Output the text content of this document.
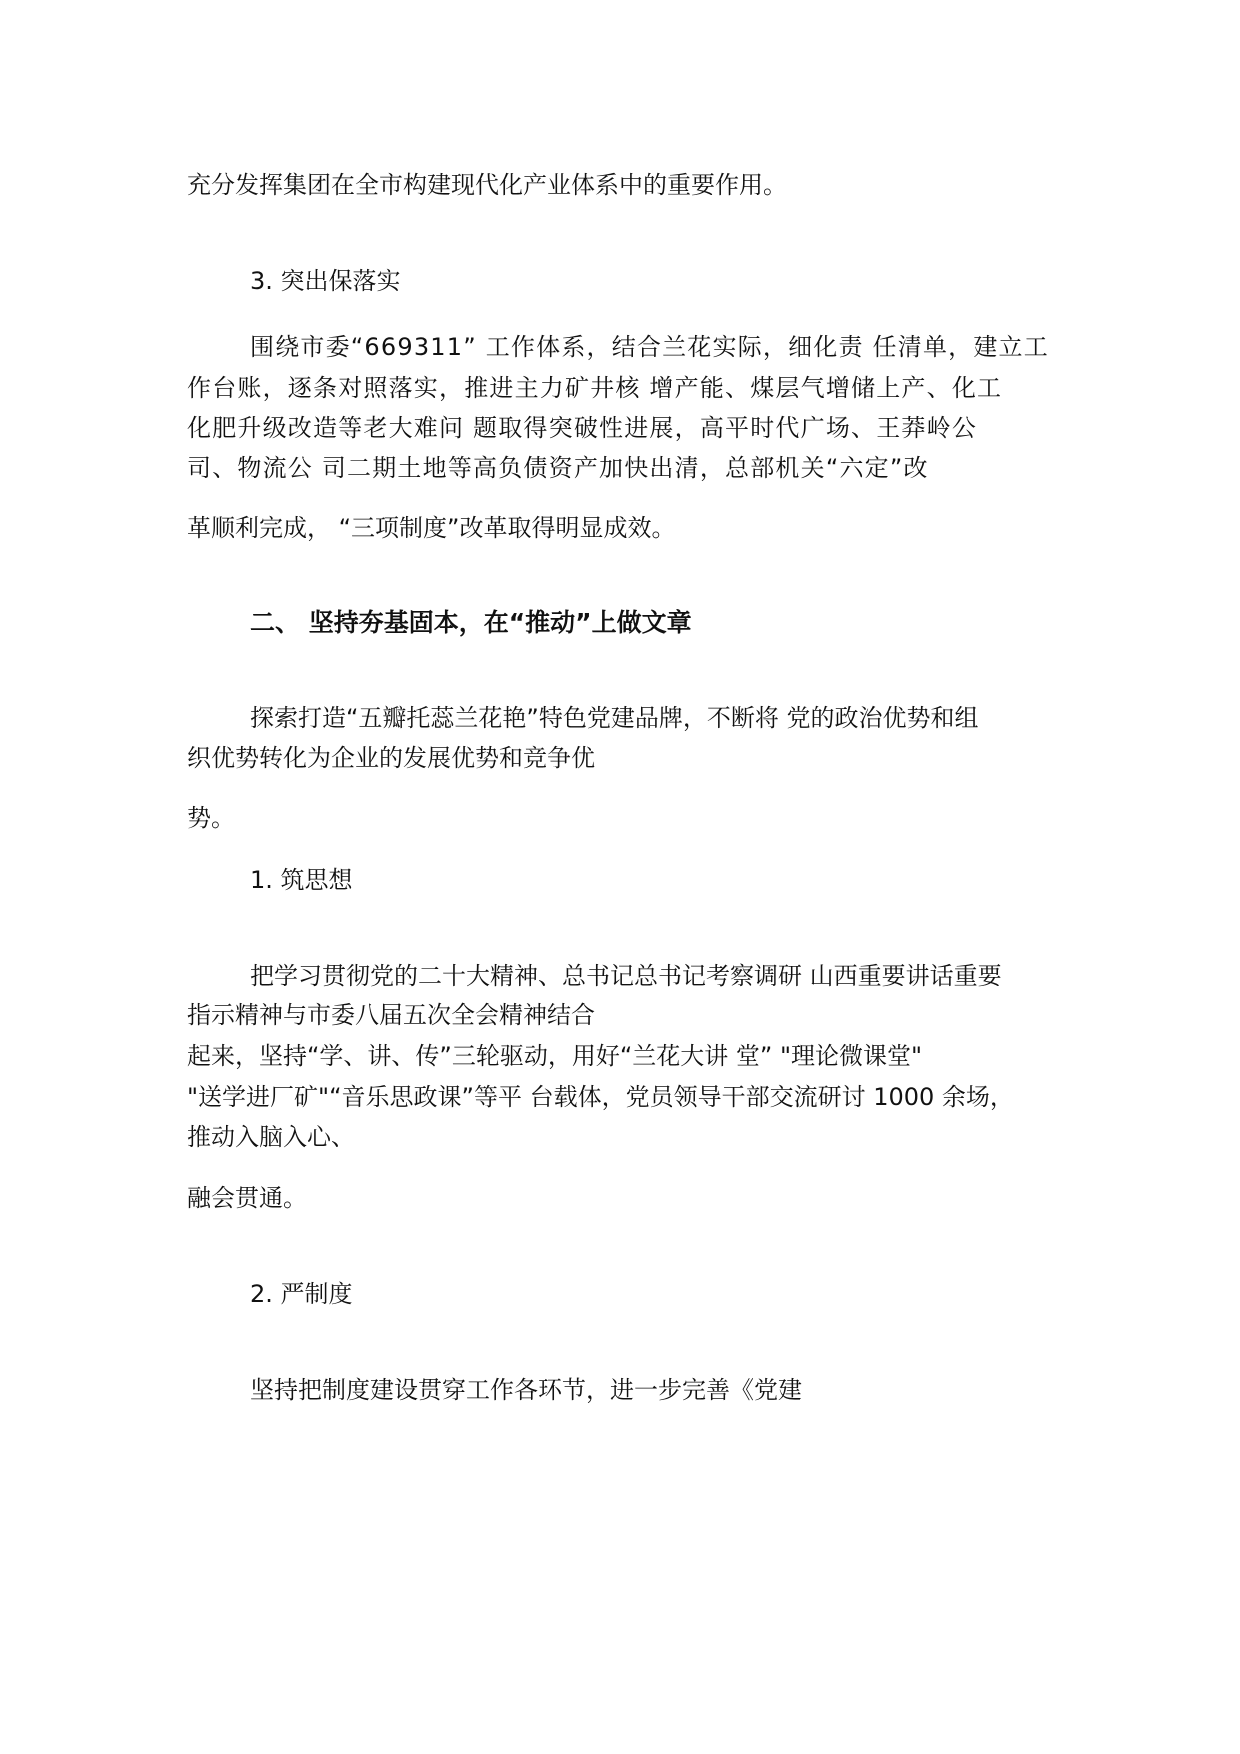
充分发挥集团在全市构建现代化产业体系中的重要作用。
3. 突出保落实
围绕市委“669311” 工作体系，结合兰花实际，细化责 任清单，建立工
作台账，逐条对照落实，推进主力矿井核 增产能、煤层气增储上产、化工
化肥升级改造等老大难问 题取得突破性进展，高平时代广场、王莽岭公
司、物流公 司二期土地等高负债资产加快出清，总部机关“六定”改
革顺利完成， “三项制度”改革取得明显成效。
二、 坚持夯基固本，在“推动”上做文章
探索打造“五瓣托蕊兰花艳”特色党建品牌，不断将 党的政治优势和组
织优势转化为企业的发展优势和竞争优
势。
1. 筑思想
把学习贯彻党的二十大精神、总书记总书记考察调研 山西重要讲话重要
指示精神与市委八届五次全会精神结合
起来，坚持“学、讲、传”三轮驱动，用好“兰花大讲 堂” "理论微课堂"
"送学进厂矿"“音乐思政课”等平 台载体，党员领导干部交流研讨 1000 余场，
推动入脑入心、
融会贯通。
2. 严制度
坚持把制度建设贯穿工作各环节，进一步完善《党建
